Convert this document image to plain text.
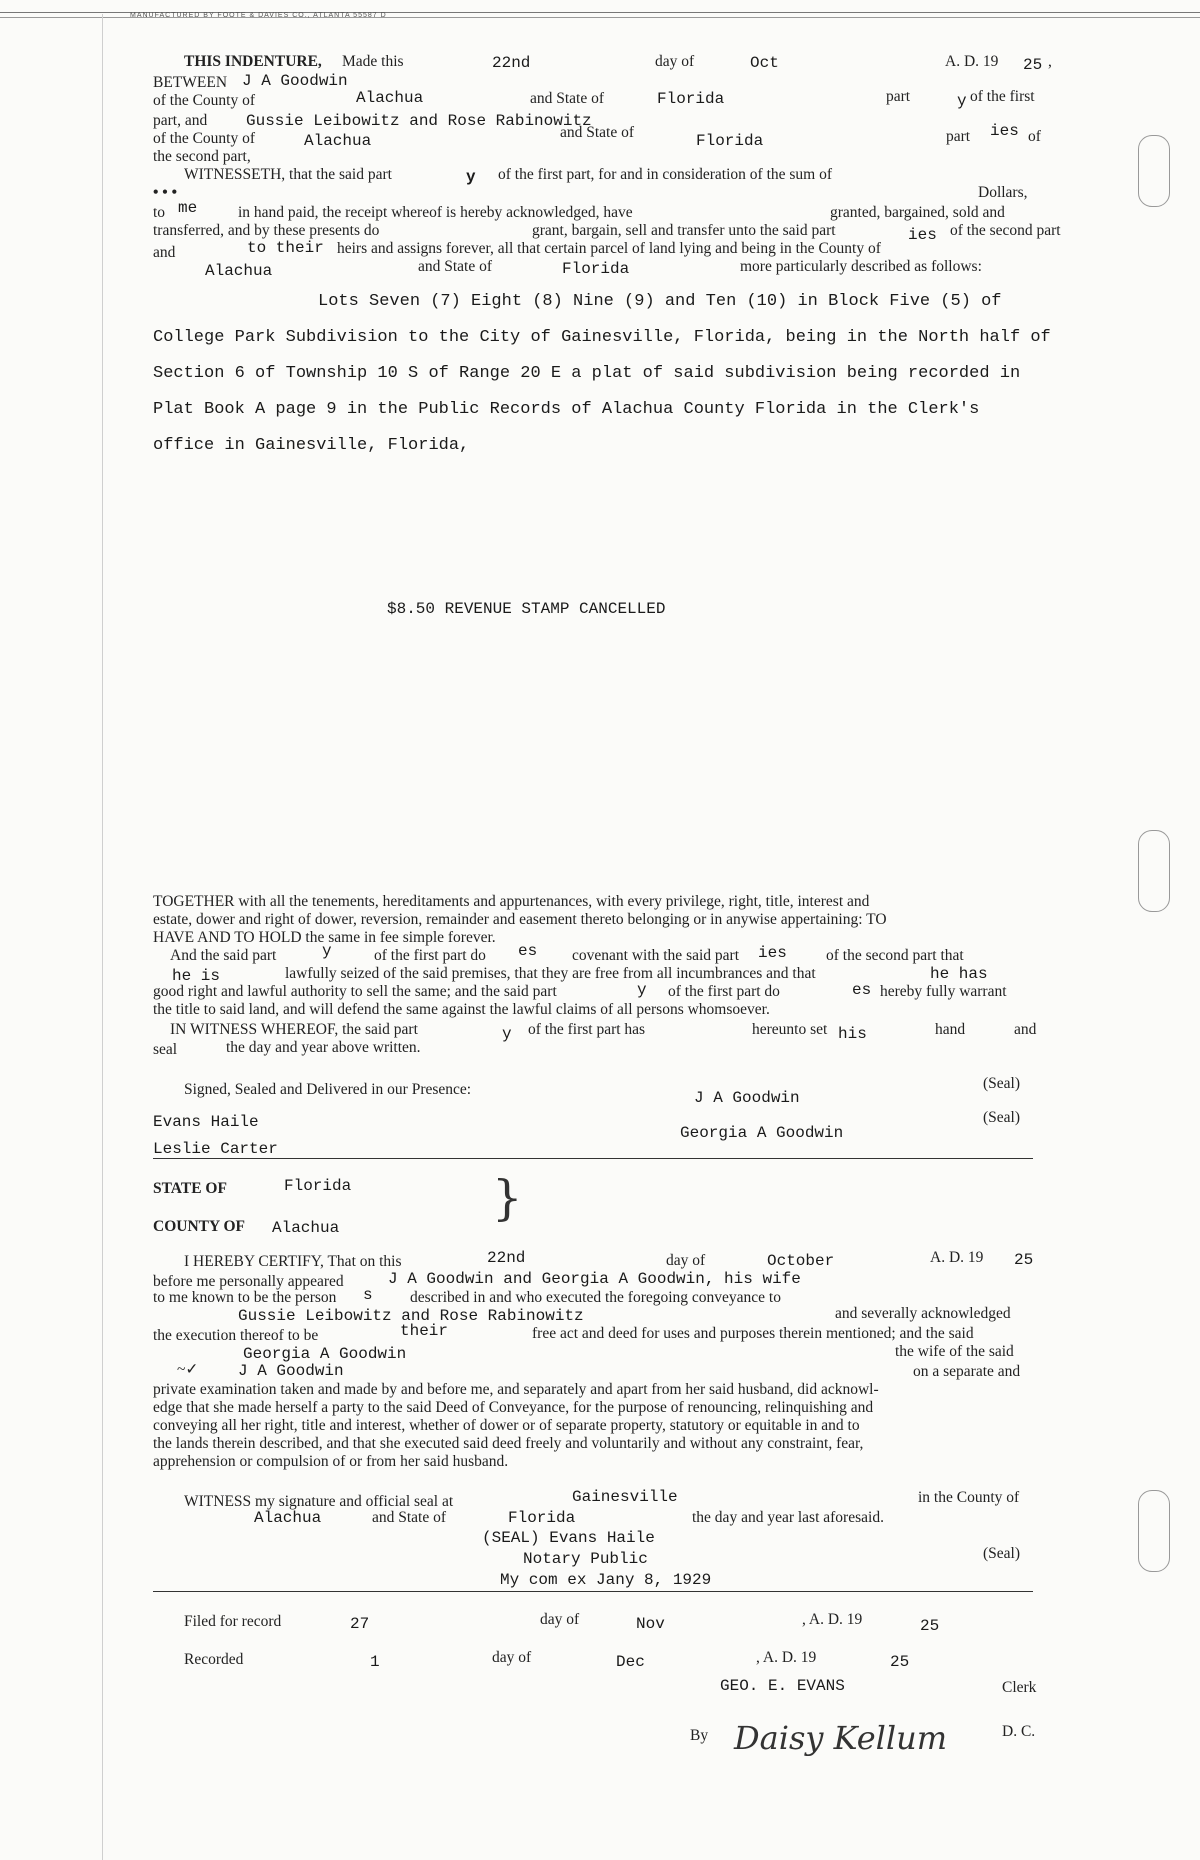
MANUFACTURED BY FOOTE & DAVIES CO., ATLANTA 55587 D
THIS INDENTURE, Made this	22nd	day of	Oct	A. D. 19 25 ,
BETWEEN J A Goodwin
of the County of	Alachua	and State of	Florida	part	y of the first
part, and Gussie Leibowitz and Rose Rabinowitz
of the County of	Alachua	and State of	Florida	part ies of
the second part,
WITNESSETH, that the said part	y of the first part, for and in consideration of the sum of
• • •	Dollars,
to me	in hand paid, the receipt whereof is hereby acknowledged, have	granted, bargained, sold and
transferred, and by these presents do	grant, bargain, sell and transfer unto the said part	ies of the second part
and	to their heirs and assigns forever, all that certain parcel of land lying and being in the County of
Alachua	and State of	Florida	more particularly described as follows:
Lots Seven (7) Eight (8) Nine (9) and Ten (10) in Block Five (5) of
College Park Subdivision to the City of Gainesville, Florida, being in the North half of
Section 6 of Township 10 S of Range 20 E a plat of said subdivision being recorded in
Plat Book A page 9 in the Public Records of Alachua County Florida in the Clerk's
office in Gainesville, Florida,
$8.50 REVENUE STAMP CANCELLED
TOGETHER with all the tenements, hereditaments and appurtenances, with every privilege, right, title, interest and
estate, dower and right of dower, reversion, remainder and easement thereto belonging or in anywise appertaining: TO
HAVE AND TO HOLD the same in fee simple forever.
And the said part	y	of the first part do es covenant with the said part ies	of the second part that
he is	lawfully seized of the said premises, that they are free from all incumbrances and that	he has
good right and lawful authority to sell the same; and the said part	y of the first part do	es hereby fully warrant
the title to said land, and will defend the same against the lawful claims of all persons whomsoever.
IN WITNESS WHEREOF, the said part	y of the first part has	hereunto set his	hand	and
seal	the day and year above written.
Signed, Sealed and Delivered in our Presence:	J A Goodwin
Georgia A Goodwin
(Seal)
(Seal)
Evans Haile
Leslie Carter
STATE OF	Florida
COUNTY OF Alachua
}
I HEREBY CERTIFY, That on this	22nd	day of	October	A. D. 19 25
before me personally appeared	J A Goodwin and Georgia A Goodwin, his wife
to me known to be the person s described in and who executed the foregoing conveyance to
Gussie Leibowitz and Rose Rabinowitz	and severally acknowledged
the execution thereof to be	their	free act and deed for uses and purposes therein mentioned; and the said
Georgia A Goodwin	the wife of the said
~✓ J A Goodwin	on a separate and
private examination taken and made by and before me, and separately and apart from her said husband, did acknowl-
edge that she made herself a party to the said Deed of Conveyance, for the purpose of renouncing, relinquishing and
conveying all her right, title and interest, whether of dower or of separate property, statutory or equitable in and to
the lands therein described, and that she executed said deed freely and voluntarily and without any constraint, fear,
apprehension or compulsion of or from her said husband.
WITNESS my signature and official seal at	Gainesville	in the County of
Alachua	and State of	Florida	the day and year last aforesaid.
(SEAL) Evans Haile
Notary Public
My com ex Jany 8, 1929
(Seal)
Filed for record	27	day of	Nov	, A. D. 19	25
Recorded	1	day of	Dec	, A. D. 19	25
GEO. E. EVANS	Clerk
By Daisy Kellum	D. C.
